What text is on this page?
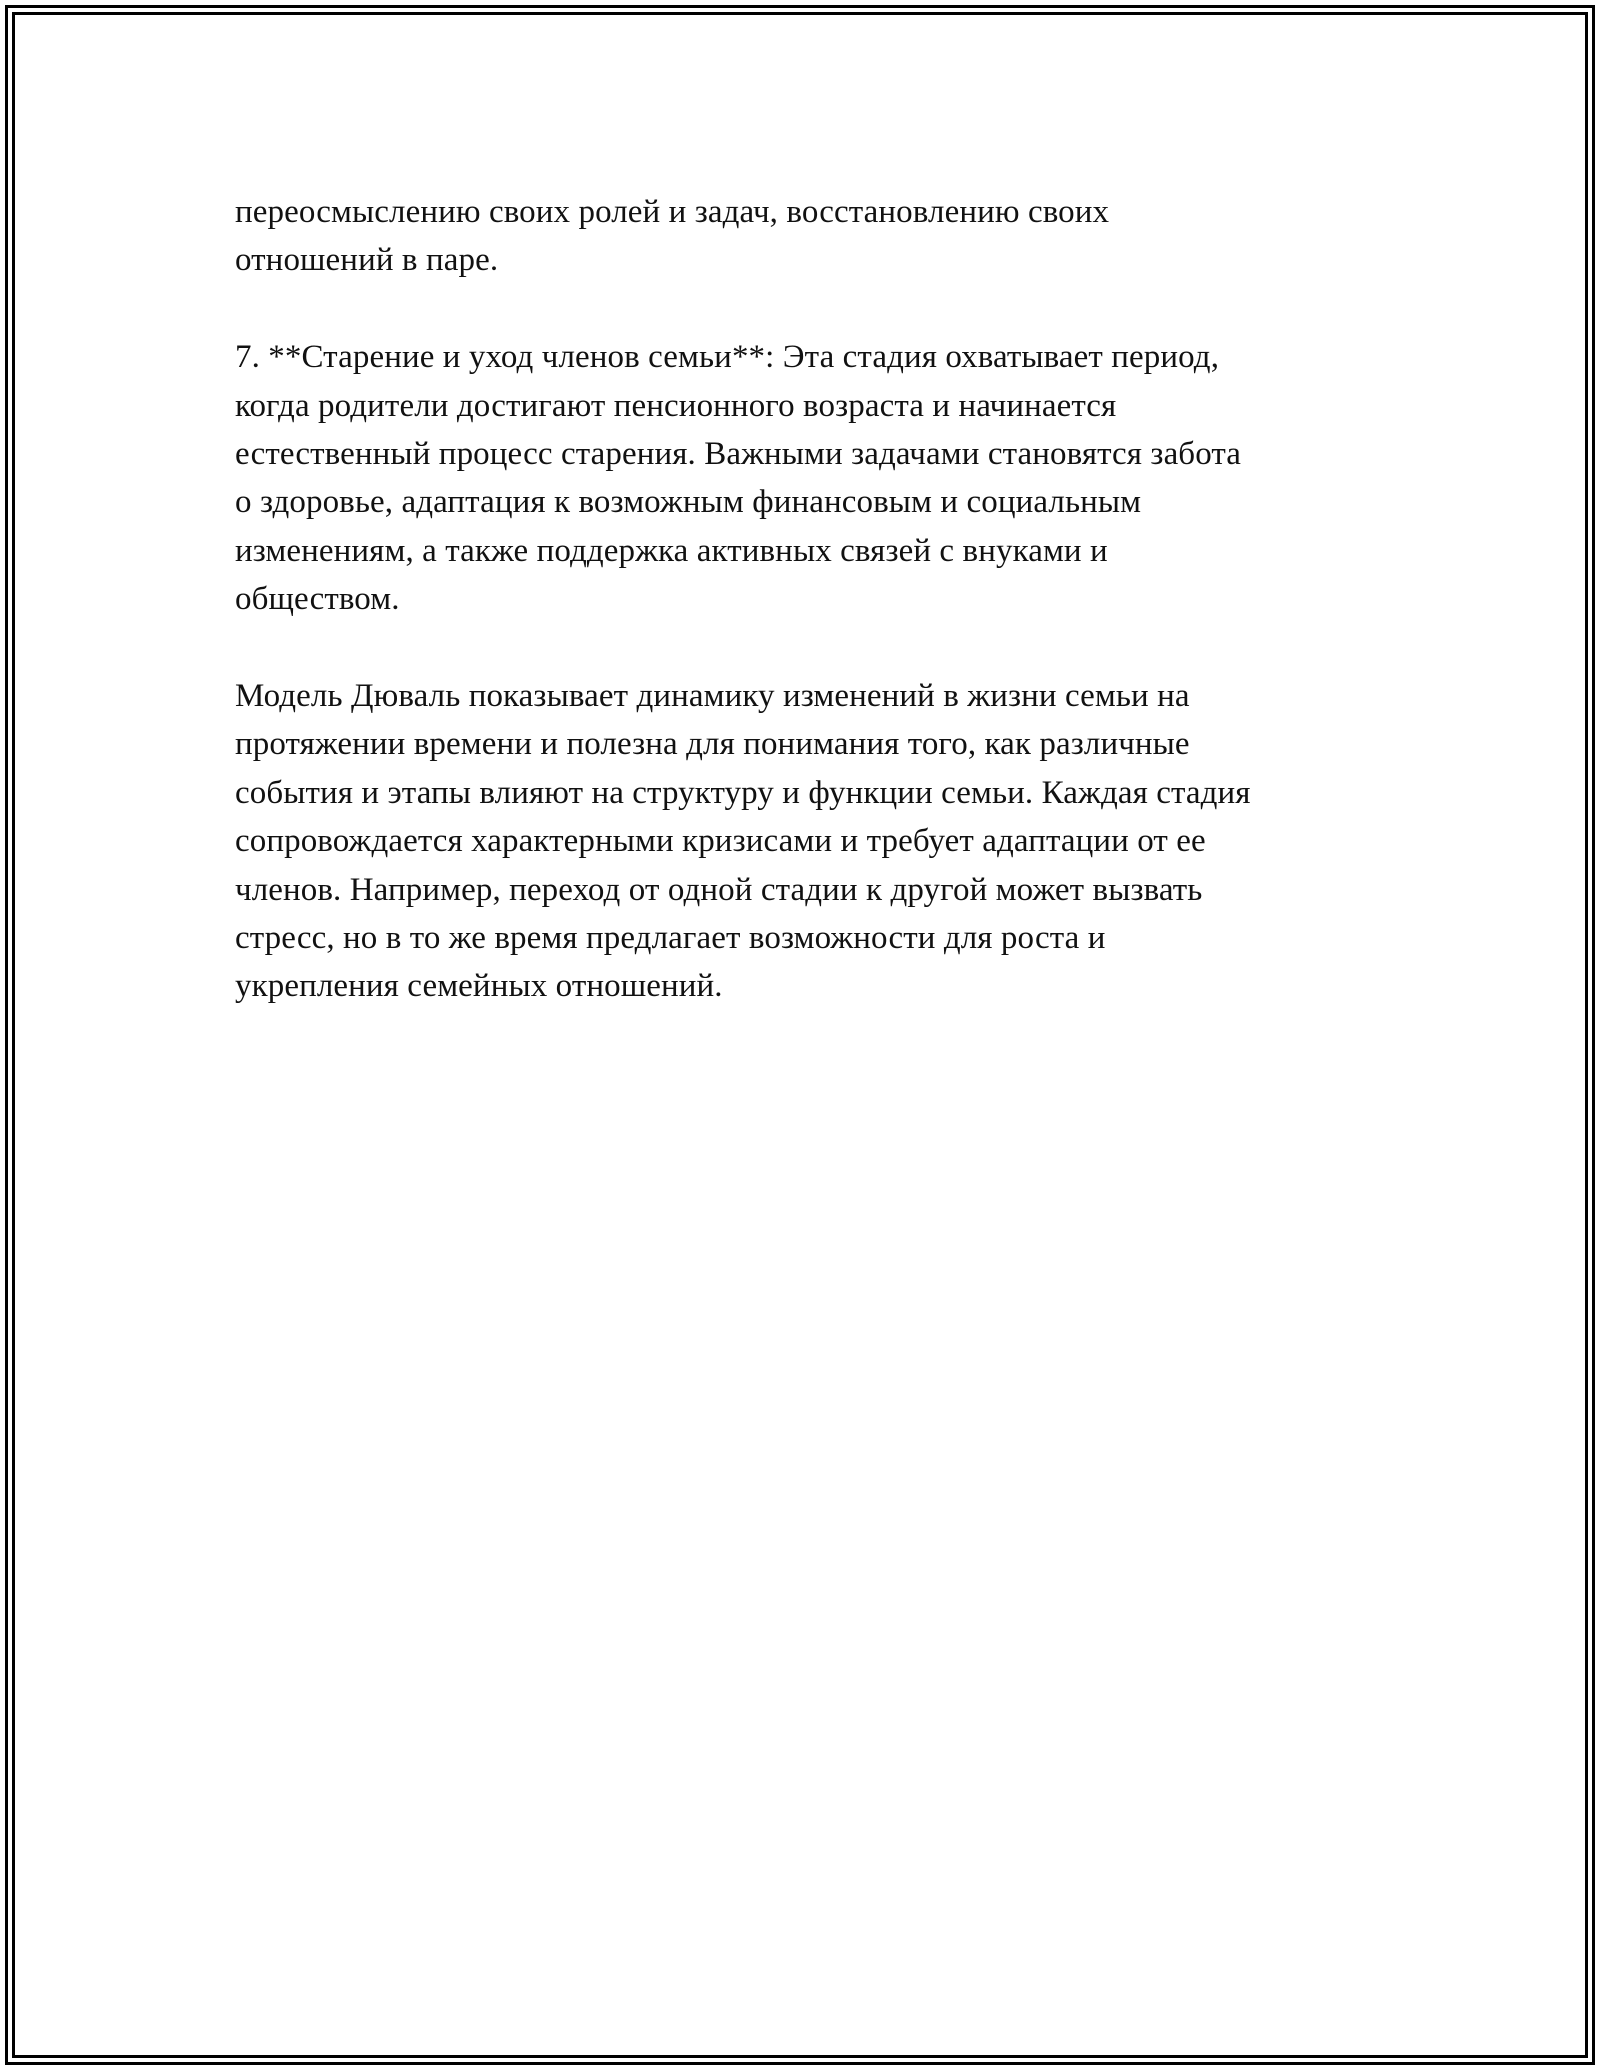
переосмыслению своих ролей и задач, восстановлению своих
отношений в паре.

7. **Старение и уход членов семьи**: Эта стадия охватывает период,
когда родители достигают пенсионного возраста и начинается
естественный процесс старения. Важными задачами становятся забота
о здоровье, адаптация к возможным финансовым и социальным
изменениям, а также поддержка активных связей с внуками и
обществом.

Модель Дюваль показывает динамику изменений в жизни семьи на
протяжении времени и полезна для понимания того, как различные
события и этапы влияют на структуру и функции семьи. Каждая стадия
сопровождается характерными кризисами и требует адаптации от ее
членов. Например, переход от одной стадии к другой может вызвать
стресс, но в то же время предлагает возможности для роста и
укрепления семейных отношений.
